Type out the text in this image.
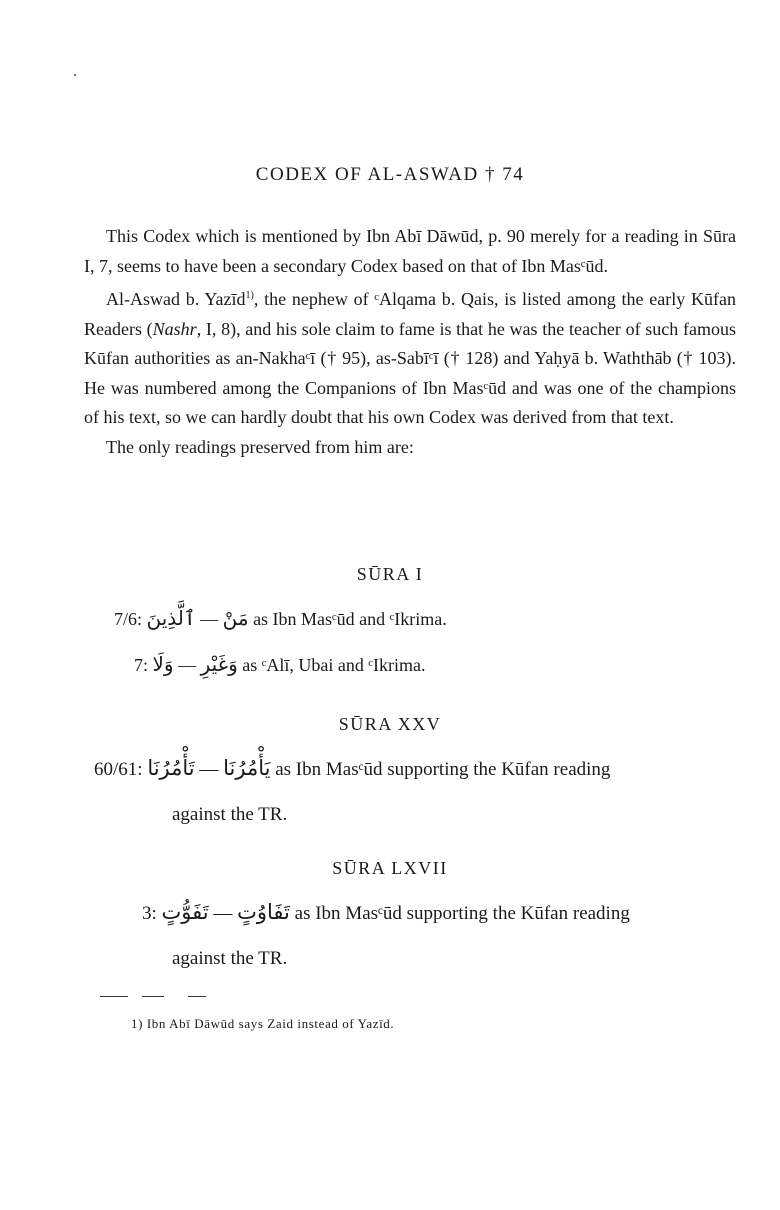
CODEX OF AL-ASWAD † 74

This Codex which is mentioned by Ibn Abī Dāwūd, p. 90 merely for a reading in Sūra I, 7, seems to have been a secondary Codex based on that of Ibn Masᶜūd.

Al-Aswad b. Yazīd$^{1)}$, the nephew of ᶜAlqama b. Qais, is listed among the early Kūfan Readers (Nashr, I, 8), and his sole claim to fame is that he was the teacher of such famous Kūfan authorities as an-Nakhaᶜī († 95), as-Sabīᶜī († 128) and Yaḥyā b. Waththāb († 103). He was numbered among the Companions of Ibn Masᶜūd and was one of the champions of his text, so we can hardly doubt that his own Codex was derived from that text.

The only readings preserved from him are:

SŪRA I
7/6: ٱلَّذِينَ — مَنْ as Ibn Masᶜūd and ᶜIkrima.
7: وَلَا — وَغَيْرِ as ᶜAlī, Ubai and ᶜIkrima.
SŪRA XXV
60/61: تَأْمُرُنَا — يَأْمُرُنَا as Ibn Masᶜūd supporting the Kūfan reading
against the TR.
SŪRA LXVII
3: تَفَوُّتٍ — تَفَاوُتٍ as Ibn Masᶜūd supporting the Kūfan reading
against the TR.
1) Ibn Abī Dāwūd says Zaid instead of Yazīd.
